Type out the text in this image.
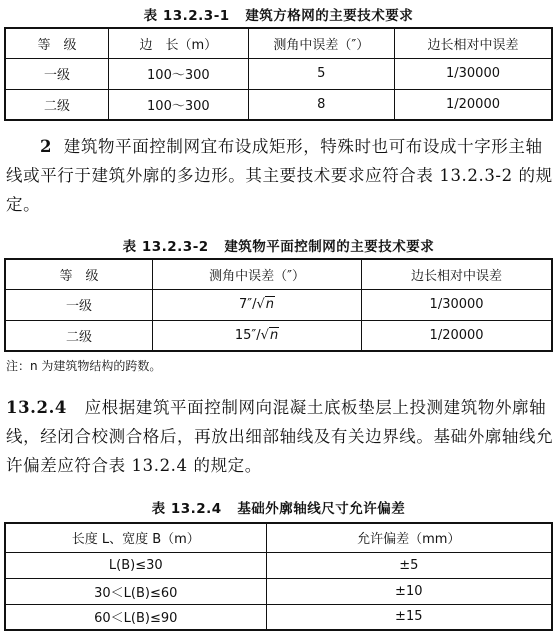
表 13.2.3-1 建筑方格网的主要技术要求
等　级	边　长（m）	测角中误差（″）	边长相对中误差
一级	100～300	5	1/30000
二级	100～300	8	1/20000
2 建筑物平面控制网宜布设成矩形，特殊时也可布设成十字形主轴线或平行于建筑外廓的多边形。其主要技术要求应符合表 13.2.3-2 的规定。
表 13.2.3-2 建筑物平面控制网的主要技术要求
等　级	测角中误差（″）	边长相对中误差
一级	7″/√n	1/30000
二级	15″/√n	1/20000
注：n 为建筑物结构的跨数。
13.2.4 应根据建筑平面控制网向混凝土底板垫层上投测建筑物外廓轴线，经闭合校测合格后，再放出细部轴线及有关边界线。基础外廓轴线允许偏差应符合表 13.2.4 的规定。
表 13.2.4 基础外廓轴线尺寸允许偏差
长度 L、宽度 B（m）	允许偏差（mm）
L(B)≤30	±5
30＜L(B)≤60	±10
60＜L(B)≤90	±15
